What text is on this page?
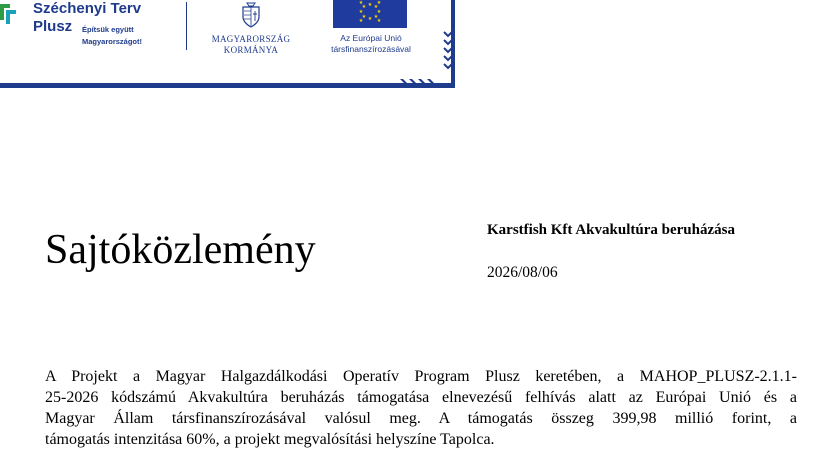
Széchenyi Terv
Plusz Építsük együtt
Magyarországot!	MAGYARORSZÁG
KORMÁNYA
★ ★
★
★
★
★
★
★
★
★
★
★
Az Európai Unió
társfinanszírozásával
Sajtóközlemény	Karstfish Kft Akvakultúra beruházása
2026/08/06
A Projekt a Magyar Halgazdálkodási Operatív Program Plusz keretében, a MAHOP_PLUSZ-2.1.1-
25-2026 kódszámú Akvakultúra beruházás támogatása elnevezésű felhívás alatt az Európai Unió és a
Magyar Állam társfinanszírozásával valósul meg. A támogatás összeg 399,98 millió forint, a
támogatás intenzitása 60%, a projekt megvalósítási helyszíne Tapolca.
